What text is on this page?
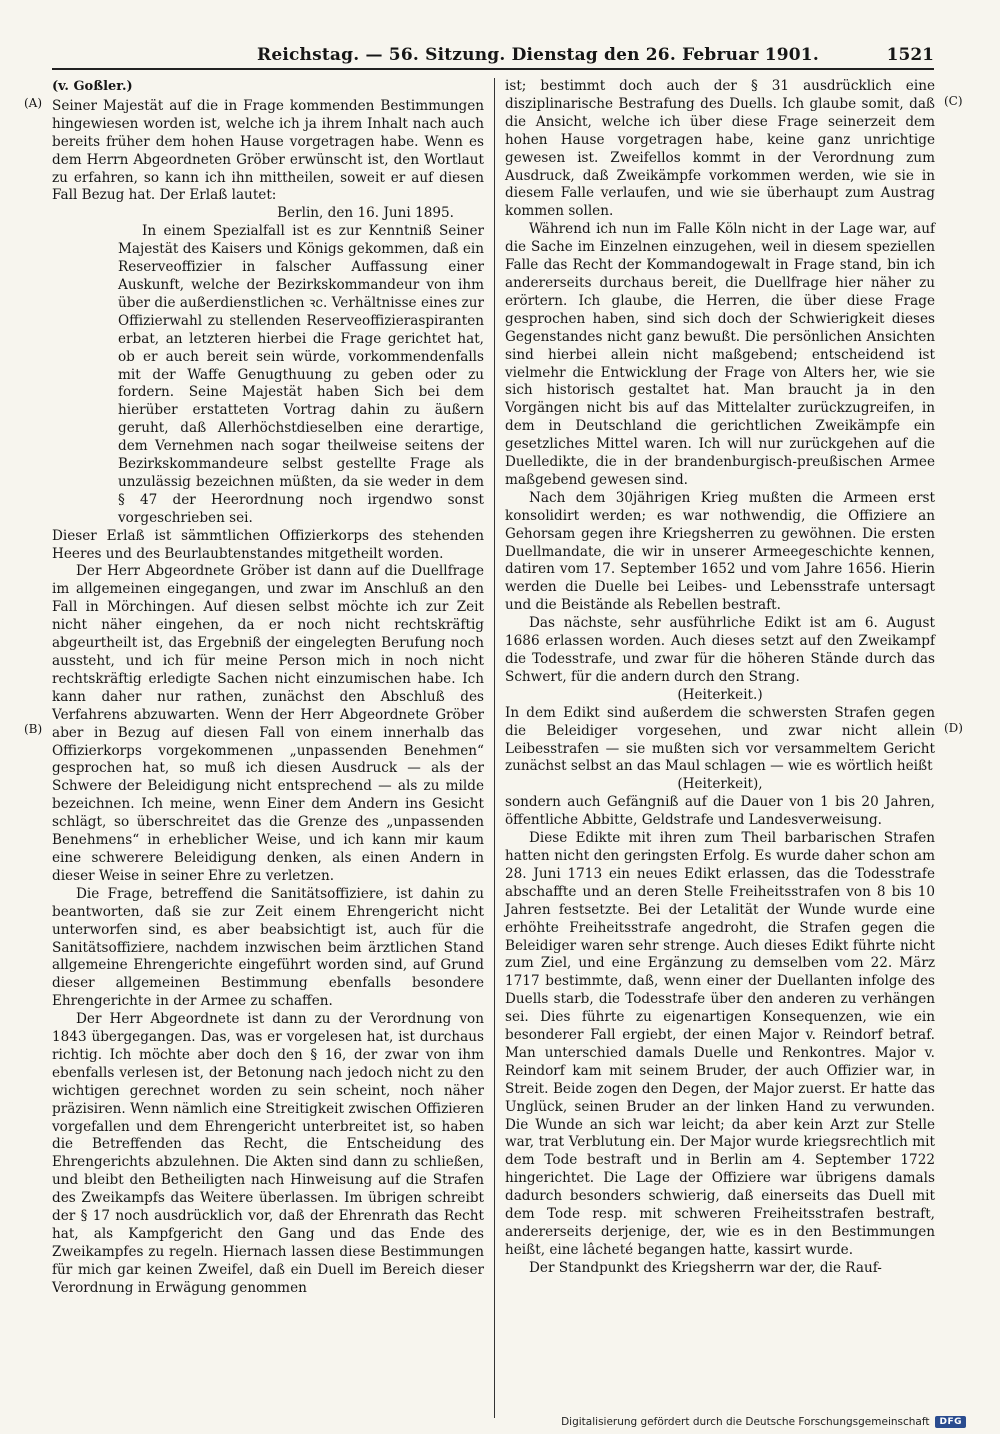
Reichstag. — 56. Sitzung. Dienstag den 26. Februar 1901.	1521
(A)
(B)
(C)
(D)

(v. Goßler.)

Seiner Majestät auf die in Frage kommenden Bestimmungen hingewiesen worden ist, welche ich ja ihrem Inhalt nach auch bereits früher dem hohen Hause vorgetragen habe. Wenn es dem Herrn Abgeordneten Gröber erwünscht ist, den Wortlaut zu erfahren, so kann ich ihn mittheilen, soweit er auf diesen Fall Bezug hat. Der Erlaß lautet:

Berlin, den 16. Juni 1895.

In einem Spezialfall ist es zur Kenntniß Seiner Majestät des Kaisers und Königs gekommen, daß ein Reserveoffizier in falscher Auffassung einer Auskunft, welche der Bezirkskommandeur von ihm über die außerdienstlichen ꝛc. Verhältnisse eines zur Offizierwahl zu stellenden Reserveoffizieraspiranten erbat, an letzteren hierbei die Frage gerichtet hat, ob er auch bereit sein würde, vorkommendenfalls mit der Waffe Genugthuung zu geben oder zu fordern. Seine Majestät haben Sich bei dem hierüber erstatteten Vortrag dahin zu äußern geruht, daß Allerhöchstdieselben eine derartige, dem Vernehmen nach sogar theilweise seitens der Bezirkskommandeure selbst gestellte Frage als unzulässig bezeichnen müßten, da sie weder in dem § 47 der Heerordnung noch irgendwo sonst vorgeschrieben sei.

Dieser Erlaß ist sämmtlichen Offizierkorps des stehenden Heeres und des Beurlaubtenstandes mitgetheilt worden.

Der Herr Abgeordnete Gröber ist dann auf die Duellfrage im allgemeinen eingegangen, und zwar im Anschluß an den Fall in Mörchingen. Auf diesen selbst möchte ich zur Zeit nicht näher eingehen, da er noch nicht rechtskräftig abgeurtheilt ist, das Ergebniß der eingelegten Berufung noch aussteht, und ich für meine Person mich in noch nicht rechtskräftig erledigte Sachen nicht einzumischen habe. Ich kann daher nur rathen, zunächst den Abschluß des Verfahrens abzuwarten. Wenn der Herr Abgeordnete Gröber aber in Bezug auf diesen Fall von einem innerhalb das Offizierkorps vorgekommenen „unpassenden Benehmen“ gesprochen hat, so muß ich diesen Ausdruck — als der Schwere der Beleidigung nicht entsprechend — als zu milde bezeichnen. Ich meine, wenn Einer dem Andern ins Gesicht schlägt, so überschreitet das die Grenze des „unpassenden Benehmens“ in erheblicher Weise, und ich kann mir kaum eine schwerere Beleidigung denken, als einen Andern in dieser Weise in seiner Ehre zu verletzen.

Die Frage, betreffend die Sanitätsoffiziere, ist dahin zu beantworten, daß sie zur Zeit einem Ehrengericht nicht unterworfen sind, es aber beabsichtigt ist, auch für die Sanitätsoffiziere, nachdem inzwischen beim ärztlichen Stand allgemeine Ehrengerichte eingeführt worden sind, auf Grund dieser allgemeinen Bestimmung ebenfalls besondere Ehrengerichte in der Armee zu schaffen.

Der Herr Abgeordnete ist dann zu der Verordnung von 1843 übergegangen. Das, was er vorgelesen hat, ist durchaus richtig. Ich möchte aber doch den § 16, der zwar von ihm ebenfalls verlesen ist, der Betonung nach jedoch nicht zu den wichtigen gerechnet worden zu sein scheint, noch näher präzisiren. Wenn nämlich eine Streitigkeit zwischen Offizieren vorgefallen und dem Ehrengericht unterbreitet ist, so haben die Betreffenden das Recht, die Entscheidung des Ehrengerichts abzulehnen. Die Akten sind dann zu schließen, und bleibt den Betheiligten nach Hinweisung auf die Strafen des Zweikampfs das Weitere überlassen. Im übrigen schreibt der § 17 noch ausdrücklich vor, daß der Ehrenrath das Recht hat, als Kampfgericht den Gang und das Ende des Zweikampfes zu regeln. Hiernach lassen diese Bestimmungen für mich gar keinen Zweifel, daß ein Duell im Bereich dieser Verordnung in Erwägung genommen

ist; bestimmt doch auch der § 31 ausdrücklich eine disziplinarische Bestrafung des Duells. Ich glaube somit, daß die Ansicht, welche ich über diese Frage seinerzeit dem hohen Hause vorgetragen habe, keine ganz unrichtige gewesen ist. Zweifellos kommt in der Verordnung zum Ausdruck, daß Zweikämpfe vorkommen werden, wie sie in diesem Falle verlaufen, und wie sie überhaupt zum Austrag kommen sollen.

Während ich nun im Falle Köln nicht in der Lage war, auf die Sache im Einzelnen einzugehen, weil in diesem speziellen Falle das Recht der Kommandogewalt in Frage stand, bin ich andererseits durchaus bereit, die Duellfrage hier näher zu erörtern. Ich glaube, die Herren, die über diese Frage gesprochen haben, sind sich doch der Schwierigkeit dieses Gegenstandes nicht ganz bewußt. Die persönlichen Ansichten sind hierbei allein nicht maßgebend; entscheidend ist vielmehr die Entwicklung der Frage von Alters her, wie sie sich historisch gestaltet hat. Man braucht ja in den Vorgängen nicht bis auf das Mittelalter zurückzugreifen, in dem in Deutschland die gerichtlichen Zweikämpfe ein gesetzliches Mittel waren. Ich will nur zurückgehen auf die Duelledikte, die in der brandenburgisch-preußischen Armee maßgebend gewesen sind.

Nach dem 30jährigen Krieg mußten die Armeen erst konsolidirt werden; es war nothwendig, die Offiziere an Gehorsam gegen ihre Kriegsherren zu gewöhnen. Die ersten Duellmandate, die wir in unserer Armeegeschichte kennen, datiren vom 17. September 1652 und vom Jahre 1656. Hierin werden die Duelle bei Leibes- und Lebensstrafe untersagt und die Beistände als Rebellen bestraft.

Das nächste, sehr ausführliche Edikt ist am 6. August 1686 erlassen worden. Auch dieses setzt auf den Zweikampf die Todesstrafe, und zwar für die höheren Stände durch das Schwert, für die andern durch den Strang.

(Heiterkeit.)

In dem Edikt sind außerdem die schwersten Strafen gegen die Beleidiger vorgesehen, und zwar nicht allein Leibesstrafen — sie mußten sich vor versammeltem Gericht zunächst selbst an das Maul schlagen — wie es wörtlich heißt

(Heiterkeit),

sondern auch Gefängniß auf die Dauer von 1 bis 20 Jahren, öffentliche Abbitte, Geldstrafe und Landesverweisung.

Diese Edikte mit ihren zum Theil barbarischen Strafen hatten nicht den geringsten Erfolg. Es wurde daher schon am 28. Juni 1713 ein neues Edikt erlassen, das die Todesstrafe abschaffte und an deren Stelle Freiheitsstrafen von 8 bis 10 Jahren festsetzte. Bei der Letalität der Wunde wurde eine erhöhte Freiheitsstrafe angedroht, die Strafen gegen die Beleidiger waren sehr strenge. Auch dieses Edikt führte nicht zum Ziel, und eine Ergänzung zu demselben vom 22. März 1717 bestimmte, daß, wenn einer der Duellanten infolge des Duells starb, die Todesstrafe über den anderen zu verhängen sei. Dies führte zu eigenartigen Konsequenzen, wie ein besonderer Fall ergiebt, der einen Major v. Reindorf betraf. Man unterschied damals Duelle und Renkontres. Major v. Reindorf kam mit seinem Bruder, der auch Offizier war, in Streit. Beide zogen den Degen, der Major zuerst. Er hatte das Unglück, seinen Bruder an der linken Hand zu verwunden. Die Wunde an sich war leicht; da aber kein Arzt zur Stelle war, trat Verblutung ein. Der Major wurde kriegsrechtlich mit dem Tode bestraft und in Berlin am 4. September 1722 hingerichtet. Die Lage der Offiziere war übrigens damals dadurch besonders schwierig, daß einerseits das Duell mit dem Tode resp. mit schweren Freiheitsstrafen bestraft, andererseits derjenige, der, wie es in den Bestimmungen heißt, eine lâcheté begangen hatte, kassirt wurde.

Der Standpunkt des Kriegsherrn war der, die Rauf-

Digitalisierung gefördert durch die Deutsche Forschungsgemeinschaft	DFG
